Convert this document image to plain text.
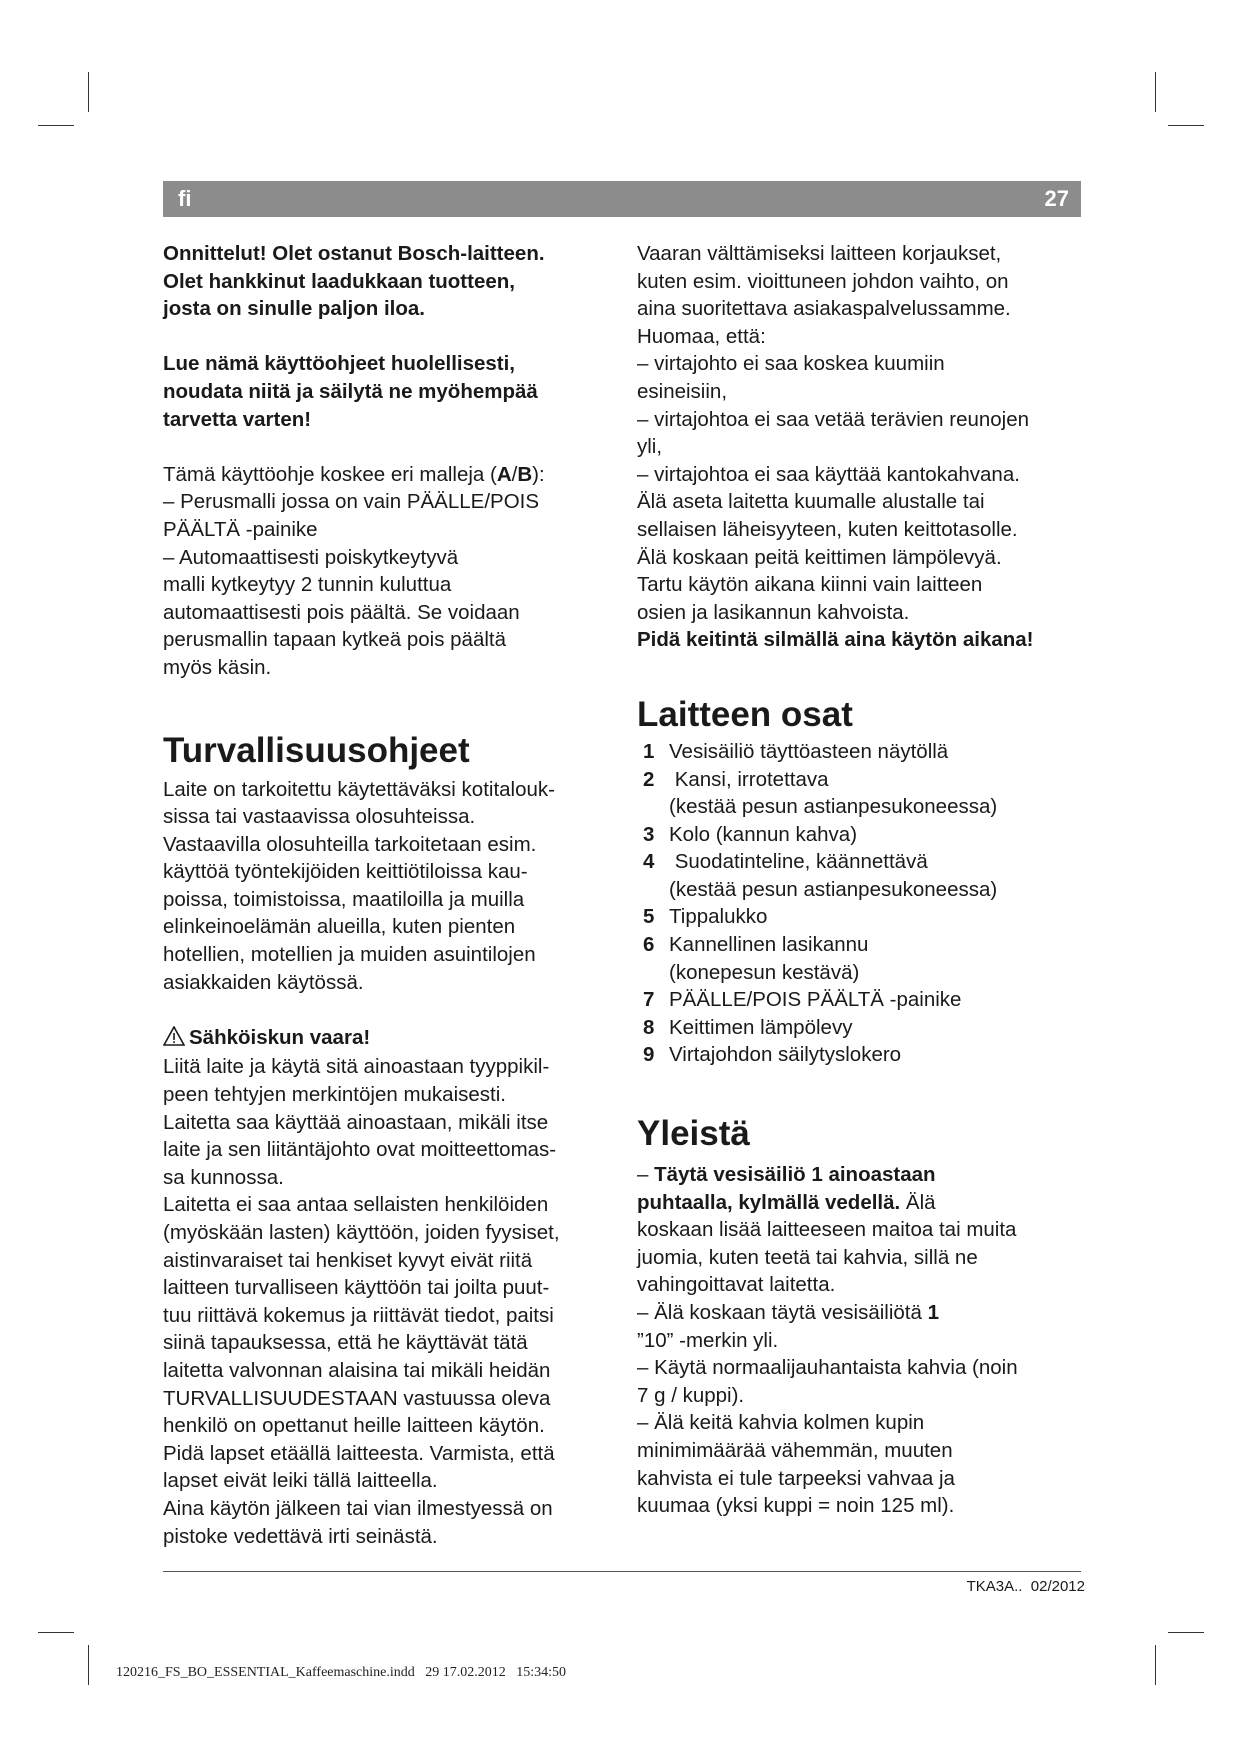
fi	27

Onnittelut! Olet ostanut Bosch-laitteen.

Olet hankkinut laadukkaan tuotteen,

josta on sinulle paljon iloa.

Lue nämä käyttöohjeet huolellisesti,

noudata niitä ja säilytä ne myöhempää

tarvetta varten!

Tämä käyttöohje koskee eri malleja (A/B):

– Perusmalli jossa on vain PÄÄLLE/POIS

PÄÄLTÄ -painike

– Automaattisesti poiskytkeytyvä

malli kytkeytyy 2 tunnin kuluttua

automaattisesti pois päältä. Se voidaan

perusmallin tapaan kytkeä pois päältä

myös käsin.

Turvallisuusohjeet

Laite on tarkoitettu käytettäväksi kotitalouk-

sissa tai vastaavissa olosuhteissa.

Vastaavilla olosuhteilla tarkoitetaan esim.

käyttöä työntekijöiden keittiötiloissa kau-

poissa, toimistoissa, maatiloilla ja muilla

elinkeinoelämän alueilla, kuten pienten

hotellien, motellien ja muiden asuintilojen

asiakkaiden käytössä.

Sähköiskun vaara!

Liitä laite ja käytä sitä ainoastaan tyyppikil-

peen tehtyjen merkintöjen mukaisesti.

Laitetta saa käyttää ainoastaan, mikäli itse

laite ja sen liitäntäjohto ovat moitteettomas-

sa kunnossa.

Laitetta ei saa antaa sellaisten henkilöiden

(myöskään lasten) käyttöön, joiden fyysiset,

aistinvaraiset tai henkiset kyvyt eivät riitä

laitteen turvalliseen käyttöön tai joilta puut-

tuu riittävä kokemus ja riittävät tiedot, paitsi

siinä tapauksessa, että he käyttävät tätä

laitetta valvonnan alaisina tai mikäli heidän

TURVALLISUUDESTAAN vastuussa oleva

henkilö on opettanut heille laitteen käytön.

Pidä lapset etäällä laitteesta. Varmista, että

lapset eivät leiki tällä laitteella.

Aina käytön jälkeen tai vian ilmestyessä on

pistoke vedettävä irti seinästä.

Vaaran välttämiseksi laitteen korjaukset,

kuten esim. vioittuneen johdon vaihto, on

aina suoritettava asiakaspalvelussamme.

Huomaa, että:

– virtajohto ei saa koskea kuumiin

esineisiin,

– virtajohtoa ei saa vetää terävien reunojen

yli,

– virtajohtoa ei saa käyttää kantokahvana.

Älä aseta laitetta kuumalle alustalle tai

sellaisen läheisyyteen, kuten keittotasolle.

Älä koskaan peitä keittimen lämpölevyä.

Tartu käytön aikana kiinni vain laitteen

osien ja lasikannun kahvoista.

Pidä keitintä silmällä aina käytön aikana!

Laitteen osat
1 Vesisäiliö täyttöasteen näytöllä

2 Kansi, irrotettava

(kestää pesun astianpesukoneessa)

3 Kolo (kannun kahva)

4 Suodatinteline, käännettävä

(kestää pesun astianpesukoneessa)

5 Tippalukko

6 Kannellinen lasikannu

(konepesun kestävä)

7 PÄÄLLE/POIS PÄÄLTÄ -painike

8 Keittimen lämpölevy

9 Virtajohdon säilytyslokero

Yleistä

– Täytä vesisäiliö 1 ainoastaan

puhtaalla, kylmällä vedellä. Älä

koskaan lisää laitteeseen maitoa tai muita

juomia, kuten teetä tai kahvia, sillä ne

vahingoittavat laitetta.

– Älä koskaan täytä vesisäiliötä 1

”10” -merkin yli.

– Käytä normaalijauhantaista kahvia (noin

7 g / kuppi).

– Älä keitä kahvia kolmen kupin

minimimäärää vähemmän, muuten

kahvista ei tule tarpeeksi vahvaa ja

kuumaa (yksi kuppi = noin 125 ml).

TKA3A..  02/2012
120216_FS_BO_ESSENTIAL_Kaffeemaschine.indd   29 17.02.2012   15:34:50
